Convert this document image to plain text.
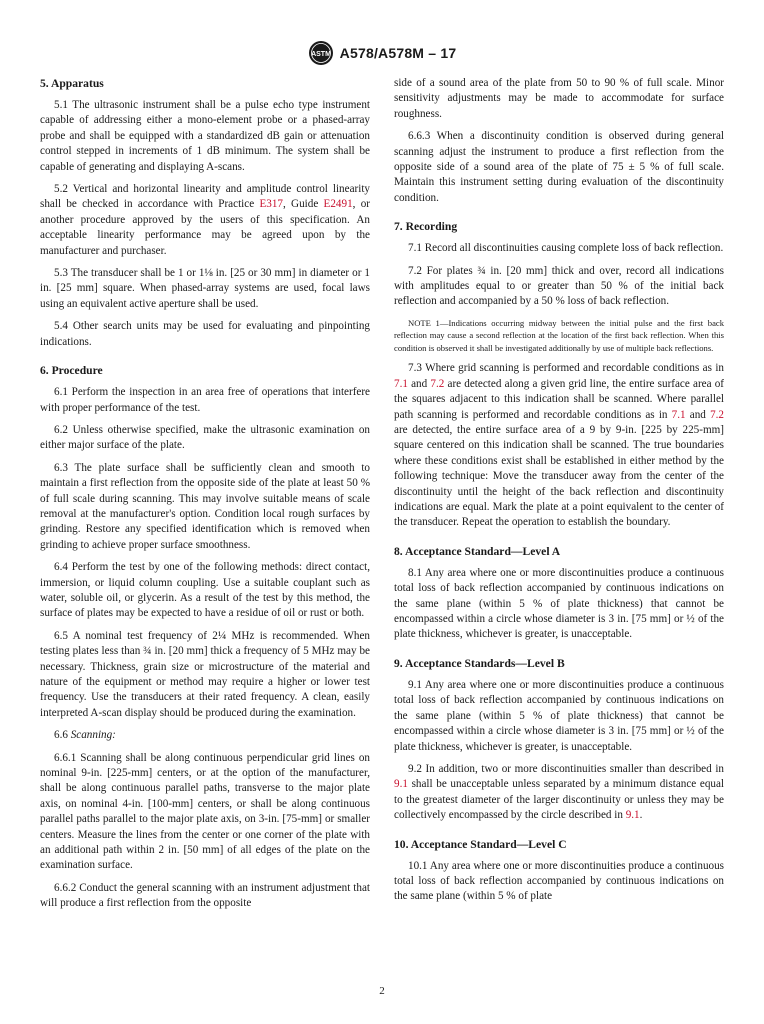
ASTM A578/A578M – 17
5. Apparatus

5.1 The ultrasonic instrument shall be a pulse echo type instrument capable of addressing either a mono-element probe or a phased-array probe and shall be equipped with a standardized dB gain or attenuation control stepped in increments of 1 dB minimum. The system shall be capable of generating and displaying A-scans.

5.2 Vertical and horizontal linearity and amplitude control linearity shall be checked in accordance with Practice E317, Guide E2491, or another procedure approved by the users of this specification. An acceptable linearity performance may be agreed upon by the manufacturer and purchaser.

5.3 The transducer shall be 1 or 1⅛ in. [25 or 30 mm] in diameter or 1 in. [25 mm] square. When phased-array systems are used, focal laws using an equivalent active aperture shall be used.

5.4 Other search units may be used for evaluating and pinpointing indications.

6. Procedure

6.1 Perform the inspection in an area free of operations that interfere with proper performance of the test.

6.2 Unless otherwise specified, make the ultrasonic examination on either major surface of the plate.

6.3 The plate surface shall be sufficiently clean and smooth to maintain a first reflection from the opposite side of the plate at least 50 % of full scale during scanning. This may involve suitable means of scale removal at the manufacturer's option. Condition local rough surfaces by grinding. Restore any specified identification which is removed when grinding to achieve proper surface smoothness.

6.4 Perform the test by one of the following methods: direct contact, immersion, or liquid column coupling. Use a suitable couplant such as water, soluble oil, or glycerin. As a result of the test by this method, the surface of plates may be expected to have a residue of oil or rust or both.

6.5 A nominal test frequency of 2¼ MHz is recommended. When testing plates less than ¾ in. [20 mm] thick a frequency of 5 MHz may be necessary. Thickness, grain size or microstructure of the material and nature of the equipment or method may require a higher or lower test frequency. Use the transducers at their rated frequency. A clean, easily interpreted A-scan display should be produced during the examination.

6.6 Scanning:

6.6.1 Scanning shall be along continuous perpendicular grid lines on nominal 9-in. [225-mm] centers, or at the option of the manufacturer, shall be along continuous parallel paths, transverse to the major plate axis, on nominal 4-in. [100-mm] centers, or shall be along continuous parallel paths parallel to the major plate axis, on 3-in. [75-mm] or smaller centers. Measure the lines from the center or one corner of the plate with an additional path within 2 in. [50 mm] of all edges of the plate on the examination surface.

6.6.2 Conduct the general scanning with an instrument adjustment that will produce a first reflection from the opposite

side of a sound area of the plate from 50 to 90 % of full scale. Minor sensitivity adjustments may be made to accommodate for surface roughness.

6.6.3 When a discontinuity condition is observed during general scanning adjust the instrument to produce a first reflection from the opposite side of a sound area of the plate of 75 ± 5 % of full scale. Maintain this instrument setting during evaluation of the discontinuity condition.

7. Recording

7.1 Record all discontinuities causing complete loss of back reflection.

7.2 For plates ¾ in. [20 mm] thick and over, record all indications with amplitudes equal to or greater than 50 % of the initial back reflection and accompanied by a 50 % loss of back reflection.

NOTE 1—Indications occurring midway between the initial pulse and the first back reflection may cause a second reflection at the location of the first back reflection. When this condition is observed it shall be investigated additionally by use of multiple back reflections.

7.3 Where grid scanning is performed and recordable conditions as in 7.1 and 7.2 are detected along a given grid line, the entire surface area of the squares adjacent to this indication shall be scanned. Where parallel path scanning is performed and recordable conditions as in 7.1 and 7.2 are detected, the entire surface area of a 9 by 9-in. [225 by 225-mm] square centered on this indication shall be scanned. The true boundaries where these conditions exist shall be established in either method by the following technique: Move the transducer away from the center of the discontinuity until the height of the back reflection and discontinuity indications are equal. Mark the plate at a point equivalent to the center of the transducer. Repeat the operation to establish the boundary.

8. Acceptance Standard—Level A

8.1 Any area where one or more discontinuities produce a continuous total loss of back reflection accompanied by continuous indications on the same plane (within 5 % of plate thickness) that cannot be encompassed within a circle whose diameter is 3 in. [75 mm] or ½ of the plate thickness, whichever is greater, is unacceptable.

9. Acceptance Standards—Level B

9.1 Any area where one or more discontinuities produce a continuous total loss of back reflection accompanied by continuous indications on the same plane (within 5 % of plate thickness) that cannot be encompassed within a circle whose diameter is 3 in. [75 mm] or ½ of the plate thickness, whichever is greater, is unacceptable.

9.2 In addition, two or more discontinuities smaller than described in 9.1 shall be unacceptable unless separated by a minimum distance equal to the greatest diameter of the larger discontinuity or unless they may be collectively encompassed by the circle described in 9.1.

10. Acceptance Standard—Level C

10.1 Any area where one or more discontinuities produce a continuous total loss of back reflection accompanied by continuous indications on the same plane (within 5 % of plate

2
